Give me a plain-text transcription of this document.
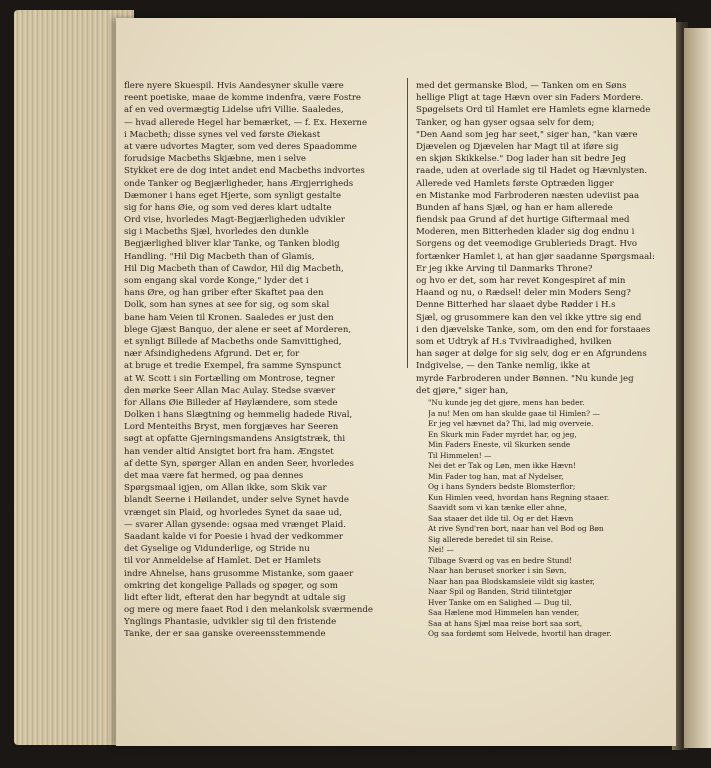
flere nyere Skuespil. Hvis Aandesyner skulle være
reent poetiske, maae de komme indenfra, være Fostre
af en ved overmægtig Lidelse ufri Villie. Saaledes,
— hvad allerede Hegel har bemærket, — f. Ex. Hexerne
i Macbeth; disse synes vel ved første Øiekast
at være udvortes Magter, som ved deres Spaadomme
forudsige Macbeths Skjæbne, men i selve
Stykket ere de dog intet andet end Macbeths indvortes
onde Tanker og Begjærligheder, hans Ærgjerrigheds
Dæmoner i hans eget Hjerte, som synligt gestalte
sig for hans Øie, og som ved deres klart udtalte
Ord vise, hvorledes Magt-Begjærligheden udvikler
sig i Macbeths Sjæl, hvorledes den dunkle
Begjærlighed bliver klar Tanke, og Tanken blodig
Handling. "Hil Dig Macbeth than of Glamis,
Hil Dig Macbeth than of Cawdor, Hil dig Macbeth,
som engang skal vorde Konge," lyder det i
hans Øre, og han griber efter Skaftet paa den
Dolk, som han synes at see for sig, og som skal
bane ham Veien til Kronen. Saaledes er just den
blege Gjæst Banquo, der alene er seet af Morderen,
et synligt Billede af Macbeths onde Samvittighed,
nær Afsindighedens Afgrund. Det er, for
at bruge et tredie Exempel, fra samme Synspunct
at W. Scott i sin Fortælling om Montrose, tegner
den mørke Seer Allan Mac Aulay. Stedse svæver
for Allans Øie Billeder af Høylændere, som stede
Dolken i hans Slægtning og hemmelig hadede Rival,
Lord Menteiths Bryst, men forgjæves har Seeren
søgt at opfatte Gjerningsmandens Ansigtstræk, thi
han vender altid Ansigtet bort fra ham. Ængstet
af dette Syn, spørger Allan en anden Seer, hvorledes
det maa være fat hermed, og paa dennes
Spørgsmaal igjen, om Allan ikke, som Skik var
blandt Seerne i Høilandet, under selve Synet havde
vrænget sin Plaid, og hvorledes Synet da saae ud,
— svarer Allan gysende: ogsaa med vrænget Plaid.
Saadant kalde vi for Poesie i hvad der vedkommer
det Gyselige og Vidunderlige, og Stride nu
til vor Anmeldelse af Hamlet. Det er Hamlets
indre Ahnelse, hans grusomme Mistanke, som gaaer
omkring det kongelige Pallads og spøger, og som
lidt efter lidt, efterat den har begyndt at udtale sig
og mere og mere faaet Rod i den melankolsk sværmende
Ynglings Phantasie, udvikler sig til den fristende
Tanke, der er saa ganske overeensstemmende
med det germanske Blod, — Tanken om en Søns
hellige Pligt at tage Hævn over sin Faders Mordere.
Spøgelsets Ord til Hamlet ere Hamlets egne klarnede
Tanker, og han gyser ogsaa selv for dem;
"Den Aand som jeg har seet," siger han, "kan være
Djævelen og Djævelen har Magt til at iføre sig
en skjøn Skikkelse." Dog lader han sit bedre Jeg
raade, uden at overlade sig til Hadet og Hævnlysten.
Allerede ved Hamlets første Optræden ligger
en Mistanke mod Farbroderen næsten udeviist paa
Bunden af hans Sjæl, og han er ham allerede
fiendsk paa Grund af det hurtige Giftermaal med
Moderen, men Bitterheden klader sig dog endnu i
Sorgens og det veemodige Grublerieds Dragt. Hvo
fortænker Hamlet i, at han gjør saadanne Spørgsmaal:
Er jeg ikke Arving til Danmarks Throne?
og hvo er det, som har revet Kongespiret af min
Haand og nu, o Rædsel! deler min Moders Seng?
Denne Bitterhed har slaaet dybe Rødder i H.s
Sjæl, og grusommere kan den vel ikke yttre sig end
i den djævelske Tanke, som, om den end for forstaaes
som et Udtryk af H.s Tvivlraadighed, hvilken
han søger at dølge for sig selv, dog er en Afgrundens
Indgivelse, — den Tanke nemlig, ikke at
myrde Farbroderen under Bønnen. "Nu kunde jeg
det gjøre," siger han,
"Nu kunde jeg det gjøre, mens han beder.
Ja nu! Men om han skulde gaae til Himlen? —
Er jeg vel hævnet da? Thi, lad mig overveie.
En Skurk min Fader myrdet har, og jeg,
Min Faders Eneste, vil Skurken sende
Til Himmelen! —
Nei det er Tak og Løn, men ikke Hævn!
Min Fader tog han, mat af Nydelser,
Og i hans Synders bedste Blomsterflor;
Kun Himlen veed, hvordan hans Regning staaer.
Saavidt som vi kan tænke eller ahne,
Saa staaer det ilde til. Og er det Hævn
At rive Synd'ren bort, naar han vel Bod og Bøn
Sig allerede beredet til sin Reise.
Nei! —
Tilbage Sværd og vas en bedre Stund!
Naar han beruset snorker i sin Søvn,
Naar han paa Blodskamsleie vildt sig kaster,
Naar Spil og Banden, Strid tilintetgjør
Hver Tanke om en Salighed — Dug til,
Saa Hælene mod Himmelen han vender,
Saa at hans Sjæl maa reise bort saa sort,
Og saa fordømt som Helvede, hvortil han drager.
